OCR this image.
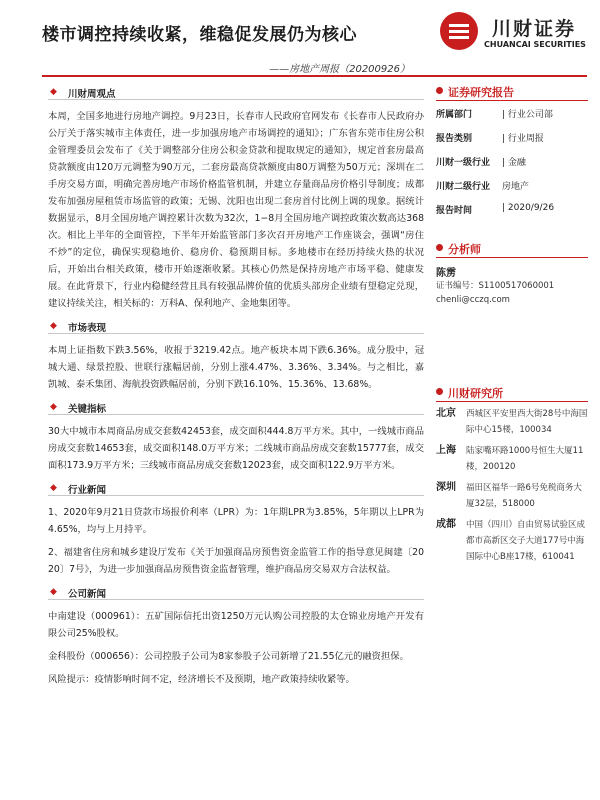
楼市调控持续收紧，维稳促发展仍为核心	川财证券
CHUANCAI SECURITIES
——房地产周报（20200926）
◆ 川财周观点

本周，全国多地进行房地产调控。9月23日，长春市人民政府官网发布《长春市人民政府办公厅关于落实城市主体责任，进一步加强房地产市场调控的通知》；广东省东莞市住房公积金管理委员会发布了《关于调整部分住房公积金贷款和提取规定的通知》，规定首套房最高贷款额度由120万元调整为90万元，二套房最高贷款额度由80万调整为50万元；深圳在二手房交易方面，明确完善房地产市场价格监管机制，并建立存量商品房价格引导制度；成都发布加强房屋租赁市场监管的政策；无锡、沈阳也出现二套房首付比例上调的现象。据统计数据显示，8月全国房地产调控累计次数为32次，1−8月全国房地产调控政策次数高达368次。相比上半年的全面管控，下半年开始监管部门多次召开房地产工作座谈会，强调“房住不炒”的定位，确保实现稳地价、稳房价、稳预期目标。多地楼市在经历持续火热的状况后，开始出台相关政策，楼市开始逐渐收紧。其核心仍然是保持房地产市场平稳、健康发展。在此背景下，行业内稳健经营且具有较强品牌价值的优质头部房企业绩有望稳定兑现，建议持续关注，相关标的：万科A、保利地产、金地集团等。

◆ 市场表现

本周上证指数下跌3.56%，收报于3219.42点。地产板块本周下跌6.36%。成分股中，冠城大通、绿景控股、世联行涨幅居前，分别上涨4.47%、3.36%、3.34%。与之相比，嘉凯城、泰禾集团、海航投资跌幅居前，分别下跌16.10%、15.36%、13.68%。

◆ 关键指标

30大中城市本周商品房成交套数42453套，成交面积444.8万平方米。其中，一线城市商品房成交套数14653套，成交面积148.0万平方米；二线城市商品房成交套数15777套，成交面积173.9万平方米；三线城市商品房成交套数12023套，成交面积122.9万平方米。

◆ 行业新闻

1、2020年9月21日贷款市场报价利率（LPR）为：1年期LPR为3.85%，5年期以上LPR为4.65%，均与上月持平。

2、福建省住房和城乡建设厅发布《关于加强商品房预售资金监管工作的指导意见闽建〔2020〕7号》，为进一步加强商品房预售资金监督管理，维护商品房交易双方合法权益。

◆ 公司新闻

中南建设（000961）：五矿国际信托出资1250万元认购公司控股的太仓锦业房地产开发有限公司25%股权。

金科股份（000656）：公司控股子公司为8家参股子公司新增了21.55亿元的融资担保。

风险提示：疫情影响时间不定，经济增长不及预期，地产政策持续收紧等。

证券研究报告
所属部门	| 行业公司部
报告类别	| 行业周报
川财一级行业 | 金融
川财二级行业 房地产
报告时间	| 2020/9/26
分析师
陈雳
证书编号：S1100517060001
chenli@cczq.com
川财研究所
北京 西城区平安里西大街28号中海国际中心15楼，100034
上海 陆家嘴环路1000号恒生大厦11楼，200120
深圳 福田区福华一路6号免税商务大厦32层，518000
成都 中国（四川）自由贸易试验区成都市高新区交子大道177号中海国际中心B座17楼，610041
